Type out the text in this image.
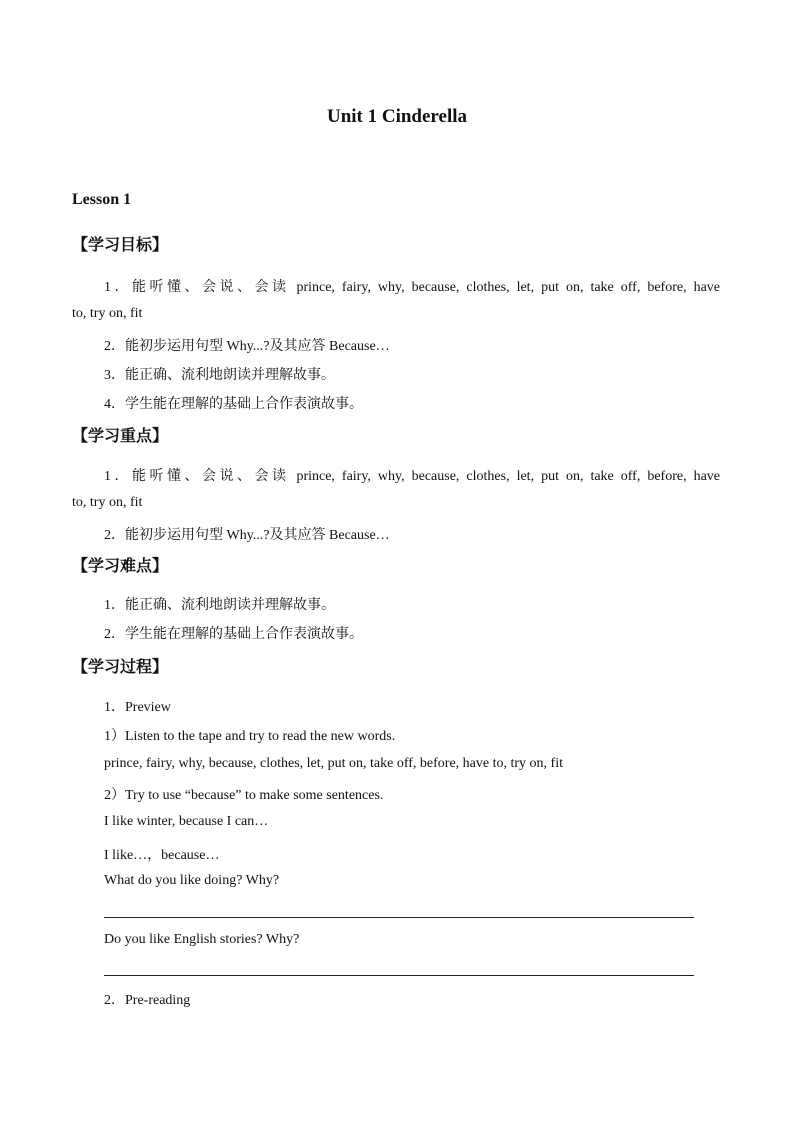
Unit 1 Cinderella
Lesson 1
【学习目标】
1．能听懂、会说、会读 prince, fairy, why, because, clothes, let, put on, take off, before, have
to, try on, fit
2．能初步运用句型 Why...?及其应答 Because…
3．能正确、流利地朗读并理解故事。
4．学生能在理解的基础上合作表演故事。
【学习重点】
1．能听懂、会说、会读 prince, fairy, why, because, clothes, let, put on, take off, before, have
to, try on, fit
2．能初步运用句型 Why...?及其应答 Because…
【学习难点】
1．能正确、流利地朗读并理解故事。
2．学生能在理解的基础上合作表演故事。
【学习过程】
1．Preview
1）Listen to the tape and try to read the new words.
prince, fairy, why, because, clothes, let, put on, take off, before, have to, try on, fit
2）Try to use “because” to make some sentences.
I like winter, because I can…
I like…，because…
What do you like doing? Why?
Do you like English stories? Why?
2．Pre-reading
